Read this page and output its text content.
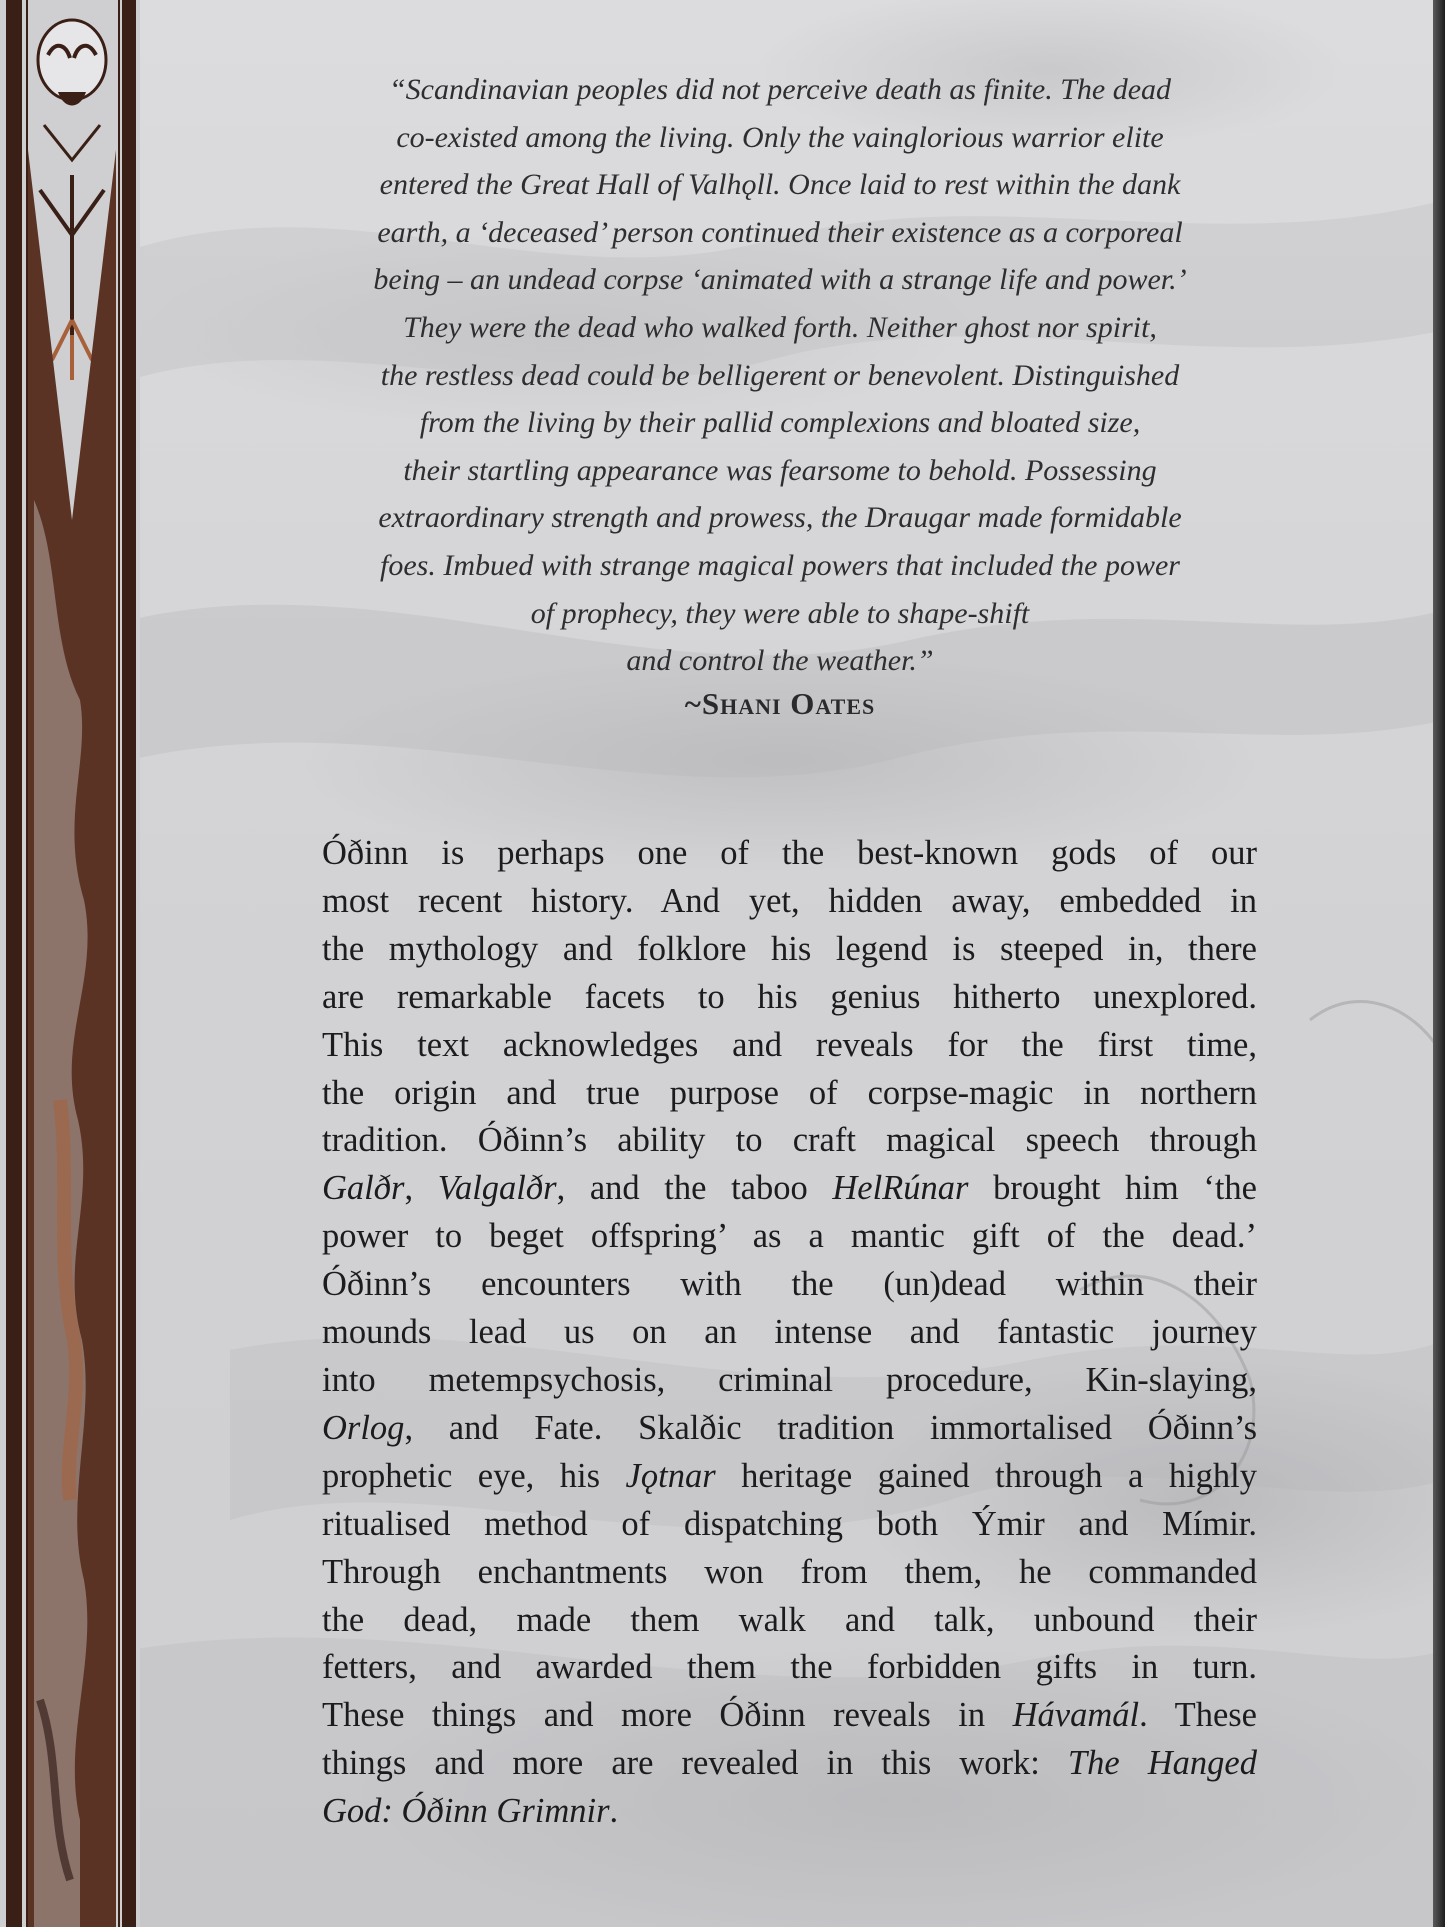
“Scandinavian peoples did not perceive death as finite. The dead
co-existed among the living. Only the vainglorious warrior elite
entered the Great Hall of Valhǫll. Once laid to rest within the dank
earth, a ‘deceased’ person continued their existence as a corporeal
being – an undead corpse ‘animated with a strange life and power.’
They were the dead who walked forth. Neither ghost nor spirit,
the restless dead could be belligerent or benevolent. Distinguished
from the living by their pallid complexions and bloated size,
their startling appearance was fearsome to behold. Possessing
extraordinary strength and prowess, the Draugar made formidable
foes. Imbued with strange magical powers that included the power
of prophecy, they were able to shape-shift
and control the weather.”
~Shani Oates
Óðinn is perhaps one of the best-known gods of our
most recent history. And yet, hidden away, embedded in
the mythology and folklore his legend is steeped in, there
are remarkable facets to his genius hitherto unexplored.
This text acknowledges and reveals for the first time,
the origin and true purpose of corpse-magic in northern
tradition. Óðinn’s ability to craft magical speech through
Galðr, Valgalðr, and the taboo HelRúnar brought him ‘the
power to beget offspring’ as a mantic gift of the dead.’
Óðinn’s encounters with the (un)dead within their
mounds lead us on an intense and fantastic journey
into metempsychosis, criminal procedure, Kin-slaying,
Orlog, and Fate. Skalðic tradition immortalised Óðinn’s
prophetic eye, his Jǫtnar heritage gained through a highly
ritualised method of dispatching both Ýmir and Mímir.
Through enchantments won from them, he commanded
the dead, made them walk and talk, unbound their
fetters, and awarded them the forbidden gifts in turn.
These things and more Óðinn reveals in Hávamál. These
things and more are revealed in this work: The Hanged
God: Óðinn Grimnir.
